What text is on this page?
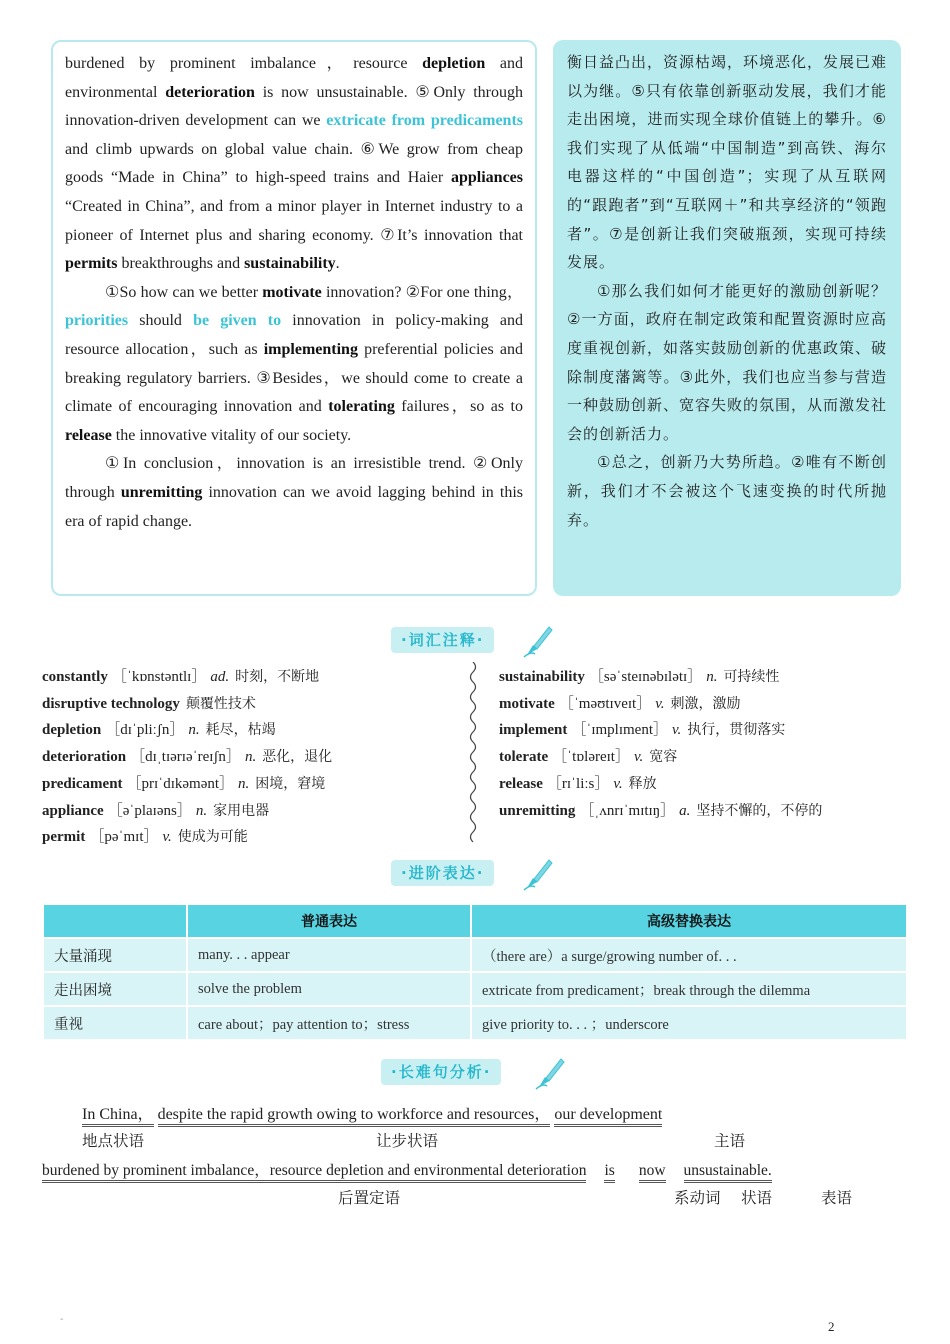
burdened by prominent imbalance，resource depletion and environmental deterioration is now unsustainable. ⑤Only through innovation-driven development can we extricate from predicaments and climb upwards on global value chain. ⑥We grow from cheap goods “Made in China” to high-speed trains and Haier appliances “Created in China”, and from a minor player in Internet industry to a pioneer of Internet plus and sharing economy. ⑦It’s innovation that permits breakthroughs and sustainability.

①So how can we better motivate innovation? ②For one thing，priorities should be given to innovation in policy-making and resource allocation，such as implementing preferential policies and breaking regulatory barriers. ③Besides，we should come to create a climate of encouraging innovation and tolerating failures，so as to release the innovative vitality of our society.

①In conclusion，innovation is an irresistible trend. ②Only through unremitting innovation can we avoid lagging behind in this era of rapid change.

衡日益凸出，资源枯竭，环境恶化，发展已难以为继。⑤只有依靠创新驱动发展，我们才能走出困境，进而实现全球价值链上的攀升。⑥我们实现了从低端“中国制造”到高铁、海尔电器这样的“中国创造”；实现了从互联网的“跟跑者”到“互联网＋”和共享经济的“领跑者”。⑦是创新让我们突破瓶颈，实现可持续发展。

①那么我们如何才能更好的激励创新呢？②一方面，政府在制定政策和配置资源时应高度重视创新，如落实鼓励创新的优惠政策、破除制度藩篱等。③此外，我们也应当参与营造一种鼓励创新、宽容失败的氛围，从而激发社会的创新活力。

①总之，创新乃大势所趋。②唯有不断创新，我们才不会被这个飞速变换的时代所抛弃。

·词汇注释·
constantly ［ˈkɒnstəntlɪ］ ad. 时刻，不断地
disruptive technology 颠覆性技术
depletion ［dɪˈpliːʃn］ n. 耗尽，枯竭
deterioration ［dɪˌtɪərɪəˈreɪʃn］ n. 恶化，退化
predicament ［prɪˈdɪkəmənt］ n. 困境，窘境
appliance ［əˈplaɪəns］ n. 家用电器
permit ［pəˈmɪt］ v. 使成为可能
sustainability ［səˈsteɪnəbɪlətɪ］ n. 可持续性
motivate ［ˈməʊtɪveɪt］ v. 刺激，激励
implement ［ˈɪmplɪment］ v. 执行，贯彻落实
tolerate ［ˈtɒləreɪt］ v. 宽容
release ［rɪˈliːs］ v. 释放
unremitting ［ˌʌnrɪˈmɪtɪŋ］ a. 坚持不懈的，不停的
·进阶表达·
	普通表达	高级替换表达
大量涌现	many. . . appear	（there are）a surge/growing number of. . .
走出困境	solve the problem	extricate from predicament；break through the dilemma
重视	care about；pay attention to；stress	give priority to. . . ；underscore
·长难句分析·
In China， despite the rapid growth owing to workforce and resources， our development
地点状语	让步状语	主语
burdened by prominent imbalance，resource depletion and environmental deterioration is now unsustainable.
后置定语	系动词 状语	表语
-	2
